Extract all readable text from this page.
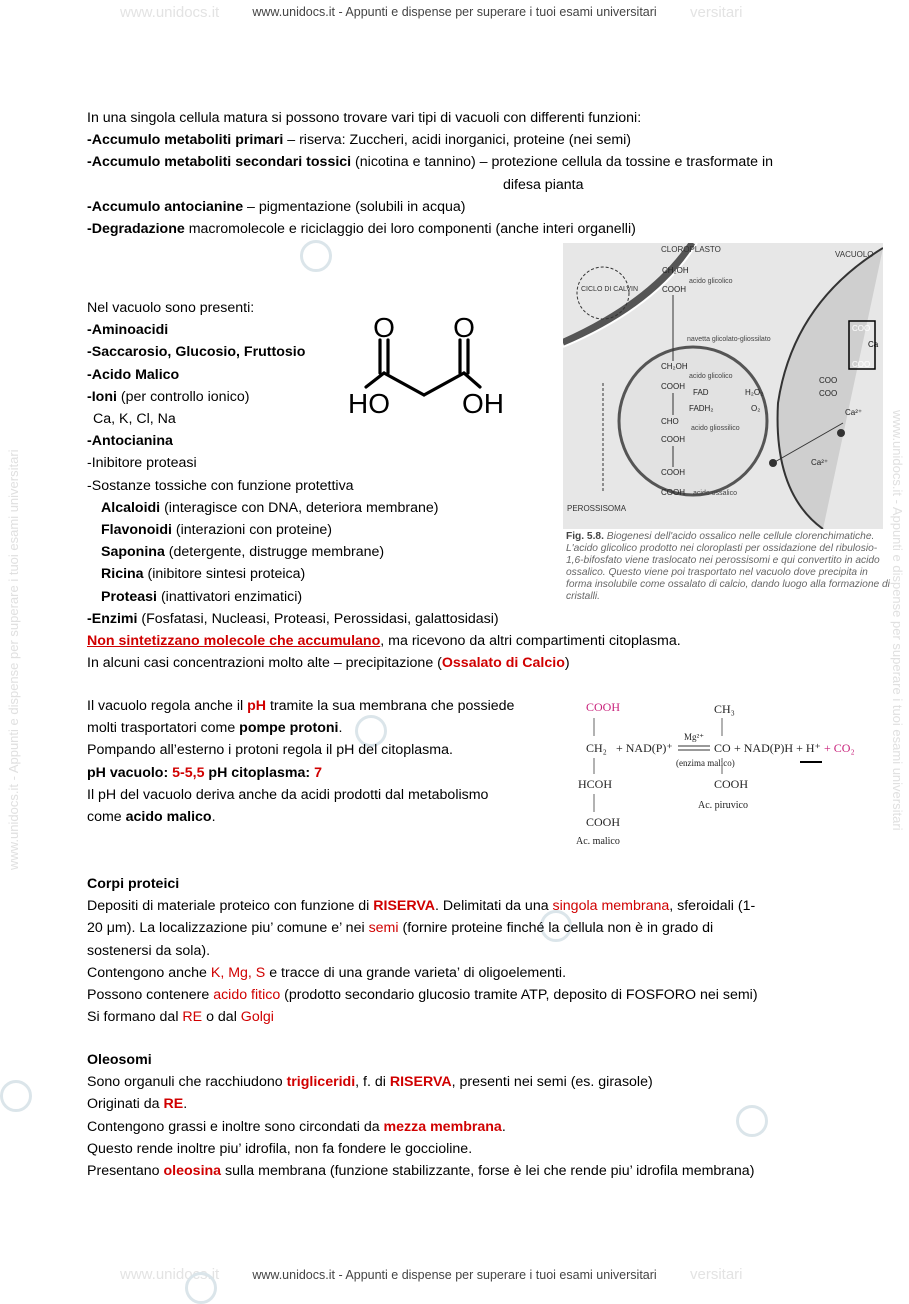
www.unidocs.it	versitari
www.unidocs.it	versitari
www.unidocs.it - Appunti e dispense per superare i tuoi esami universitari	www.unidocs.it - Appunti e dispense per superare i tuoi esami universitari
www.unidocs.it - Appunti e dispense per superare i tuoi esami universitari
www.unidocs.it - Appunti e dispense per superare i tuoi esami universitari
In una singola cellula matura si possono trovare vari tipi di vacuoli con differenti funzioni:
-Accumulo metaboliti primari – riserva: Zuccheri, acidi inorganici, proteine (nei semi)
-Accumulo metaboliti secondari tossici (nicotina e tannino) – protezione cellula da tossine e trasformate in
difesa pianta
-Accumulo antocianine – pigmentazione (solubili in acqua)
-Degradazione macromolecole e riciclaggio dei loro componenti (anche interi organelli)
Nel vacuolo sono presenti:
-Aminoacidi
-Saccarosio, Glucosio, Fruttosio
-Acido Malico
-Ioni (per controllo ionico)
Ca, K, Cl, Na
-Antocianina
-Inibitore proteasi
-Sostanze tossiche con funzione protettiva
Alcaloidi (interagisce con DNA, deteriora membrane)
Flavonoidi (interazioni con proteine)
Saponina (detergente, distrugge membrane)
Ricina (inibitore sintesi proteica)
Proteasi (inattivatori enzimatici)
-Enzimi (Fosfatasi, Nucleasi, Proteasi, Perossidasi, galattosidasi)
Non sintetizzano molecole che accumulano, ma ricevono da altri compartimenti citoplasma.
In alcuni casi concentrazioni molto alte – precipitazione (Ossalato di Calcio)
O O
HO	OH
CLOROPLASTO
VACUOLO
CICLO DI CALVIN
CH₂OH
acido glicolico
COOH
navetta glicolato-gliossilato
CH₂OH
acido glicolico
COOH
FAD	H₂O₂
FADH₂	O₂
CHO
acido gliossilico
COOH
COOH
COOH acido ossalico
PEROSSISOMA
COO
Ca
COO
COO
COO
Ca²⁺
Ca²⁺
Fig. 5.8. Biogenesi dell'acido ossalico nelle cellule clorenchimatiche. L'acido glicolico prodotto nei cloroplasti per ossidazione del ribulosio-1,6-bifosfato viene traslocato nei perossisomi e qui convertito in acido ossalico. Questo viene poi trasportato nel vacuolo dove precipita in forma insolubile come ossalato di calcio, dando luogo alla formazione di cristalli.
Il vacuolo regola anche il pH tramite la sua membrana che possiede
molti trasportatori come pompe protoni.
Pompando all’esterno i protoni regola il pH del citoplasma.
pH vacuolo: 5-5,5 pH citoplasma: 7
Il pH del vacuolo deriva anche da acidi prodotti dal metabolismo
come acido malico.
COOH
CH₂
HCOH
COOH
Ac. malico
+ NAD(P)⁺
Mg²⁺
(enzima malico)
CH₃
CO + NAD(P)H + H⁺ + CO₂
COOH
Ac. piruvico
Corpi proteici
Depositi di materiale proteico con funzione di RISERVA. Delimitati da una singola membrana, sferoidali (1-
20 μm). La localizzazione piu’ comune e’ nei semi (fornire proteine finché la cellula non è in grado di
sostenersi da sola).
Contengono anche K, Mg, S e tracce di una grande varieta’ di oligoelementi.
Possono contenere acido fitico (prodotto secondario glucosio tramite ATP, deposito di FOSFORO nei semi)
Si formano dal RE o dal Golgi
Oleosomi
Sono organuli che racchiudono trigliceridi, f. di RISERVA, presenti nei semi (es. girasole)
Originati da RE.
Contengono grassi e inoltre sono circondati da mezza membrana.
Questo rende inoltre piu’ idrofila, non fa fondere le goccioline.
Presentano oleosina sulla membrana (funzione stabilizzante, forse è lei che rende piu’ idrofila membrana)
